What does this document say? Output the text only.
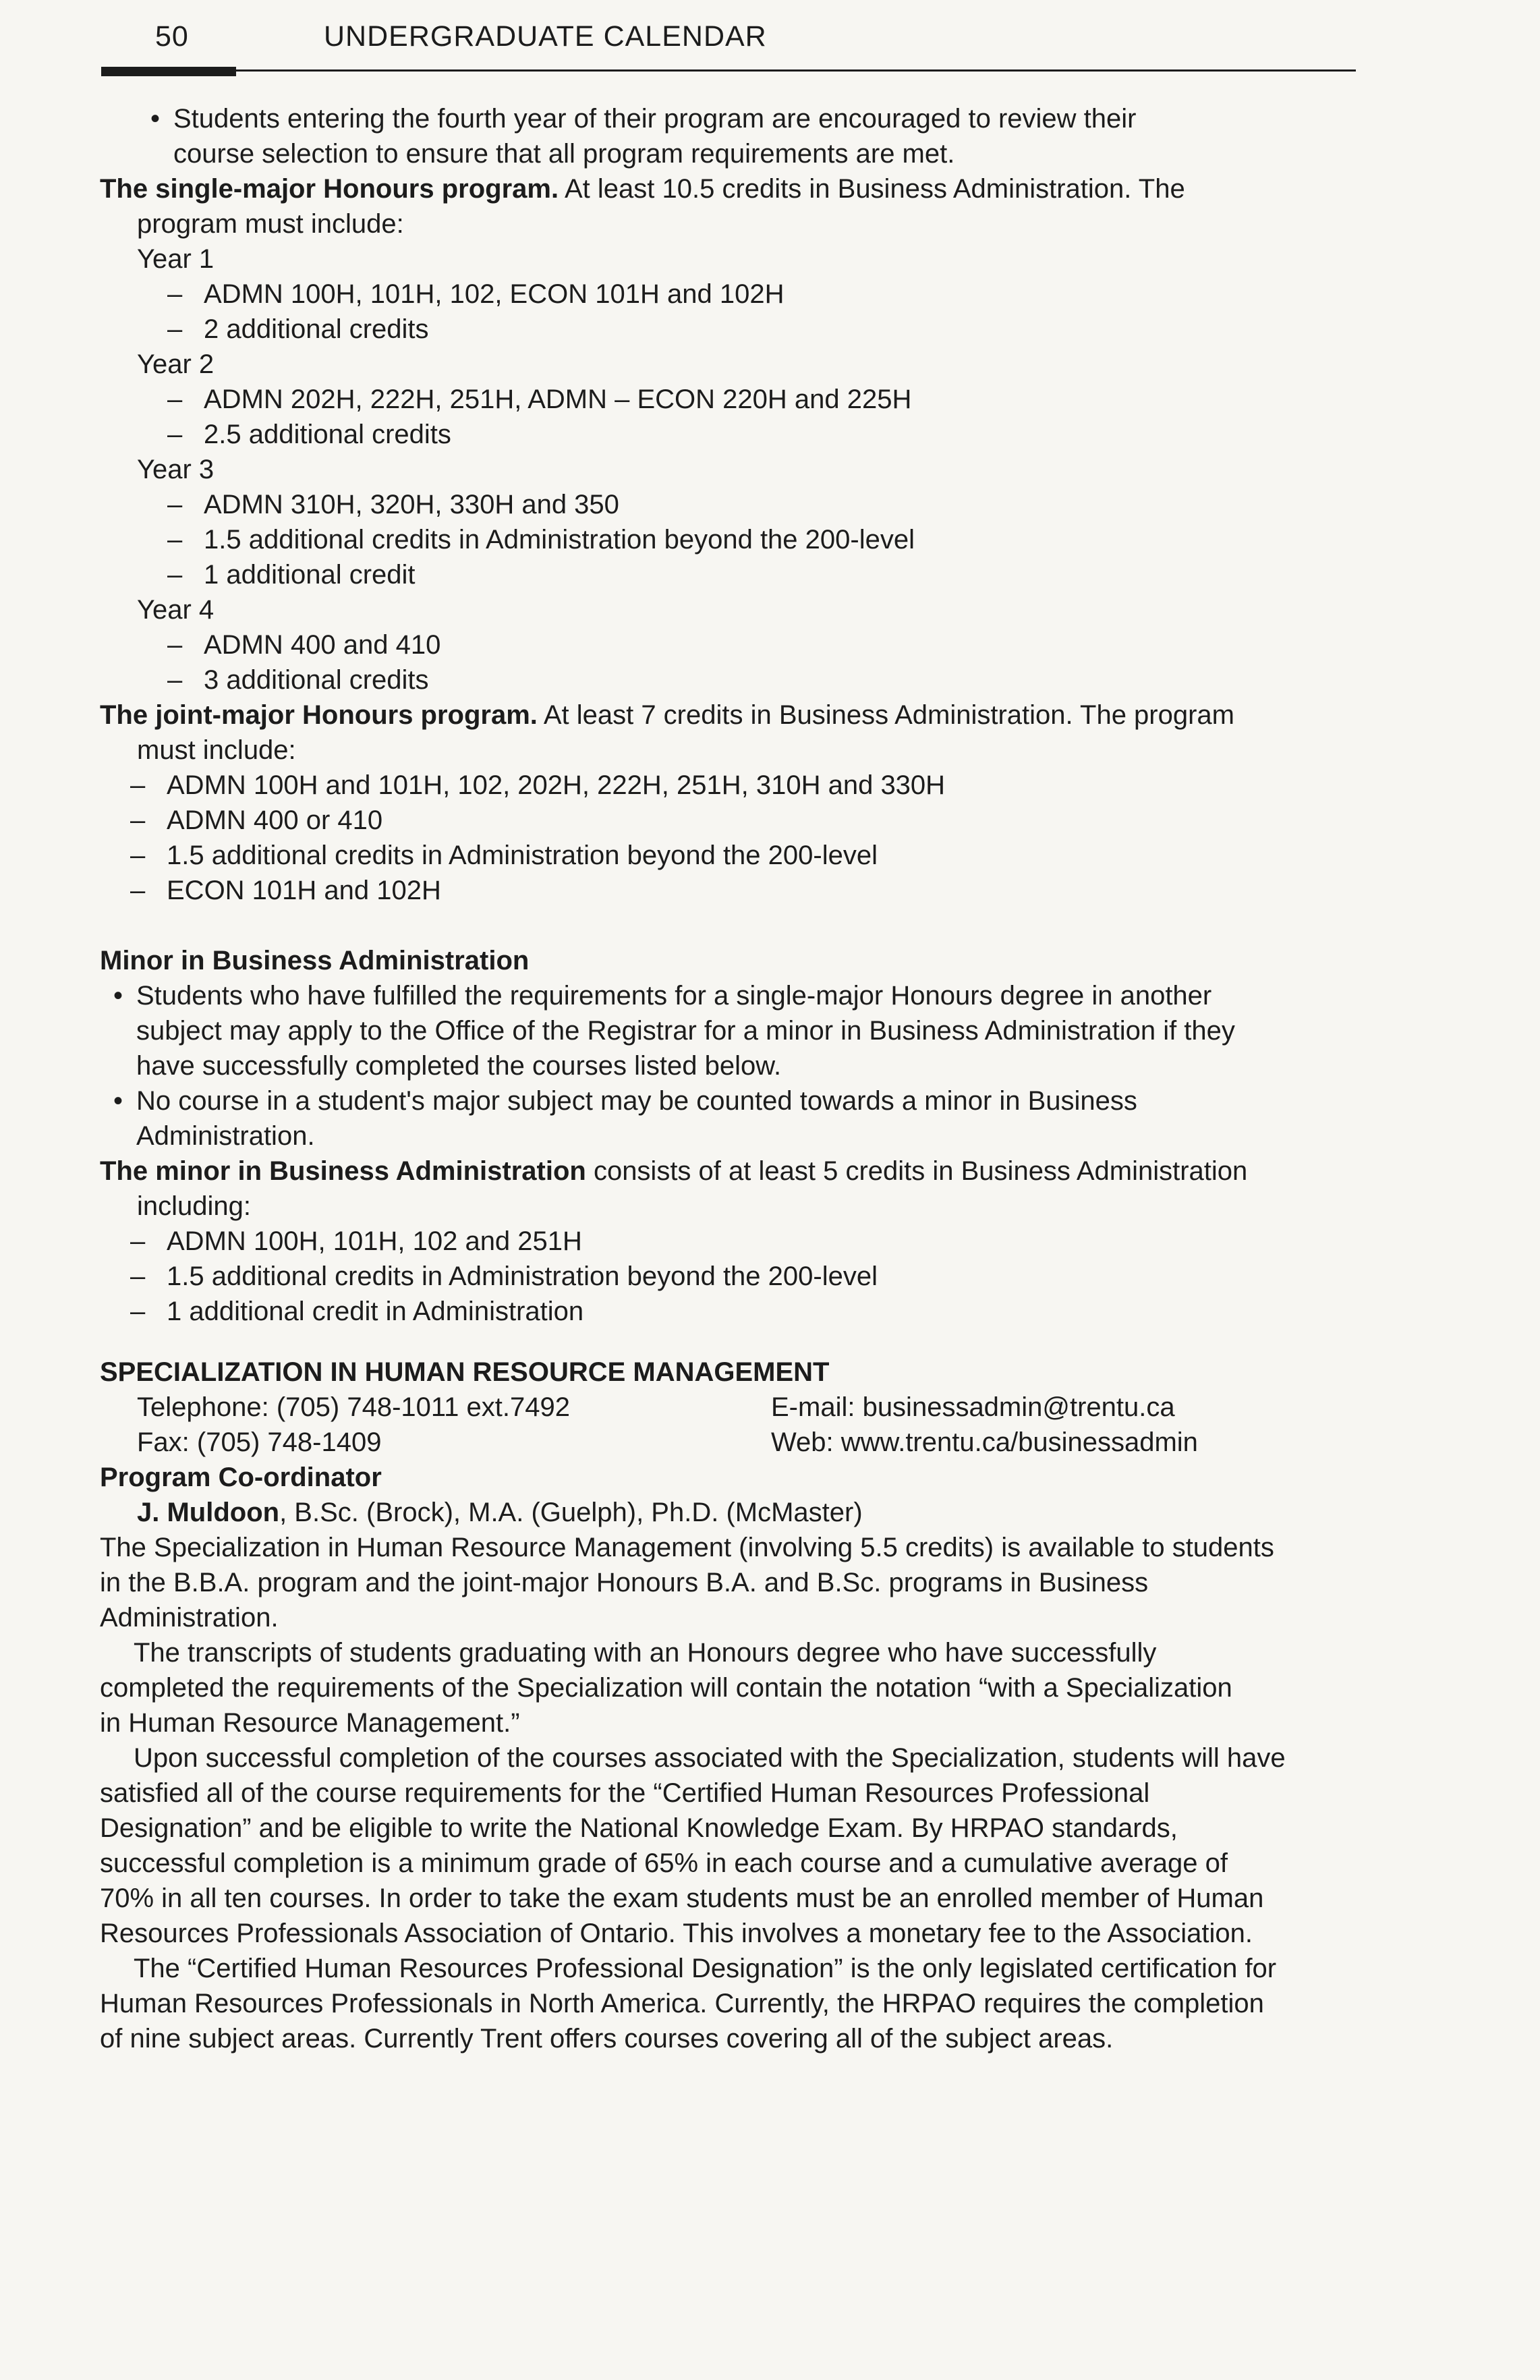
50	UNDERGRADUATE CALENDAR
• Students entering the fourth year of their program are encouraged to review their course selection to ensure that all program requirements are met.

The single-major Honours program. At least 10.5 credits in Business Administration. The

program must include:

Year 1
– ADMN 100H, 101H, 102, ECON 101H and 102H
– 2 additional credits
Year 2
– ADMN 202H, 222H, 251H, ADMN – ECON 220H and 225H
– 2.5 additional credits
Year 3
– ADMN 310H, 320H, 330H and 350
– 1.5 additional credits in Administration beyond the 200-level
– 1 additional credit
Year 4
– ADMN 400 and 410
– 3 additional credits

The joint-major Honours program. At least 7 credits in Business Administration. The program

must include:

– ADMN 100H and 101H, 102, 202H, 222H, 251H, 310H and 330H
– ADMN 400 or 410
– 1.5 additional credits in Administration beyond the 200-level
– ECON 101H and 102H

Minor in Business Administration

• Students who have fulfilled the requirements for a single-major Honours degree in another
subject may apply to the Office of the Registrar for a minor in Business Administration if they
have successfully completed the courses listed below.
• No course in a student's major subject may be counted towards a minor in Business
Administration.

The minor in Business Administration consists of at least 5 credits in Business Administration

including:

– ADMN 100H, 101H, 102 and 251H
– 1.5 additional credits in Administration beyond the 200-level
– 1 additional credit in Administration

SPECIALIZATION IN HUMAN RESOURCE MANAGEMENT

Telephone: (705) 748-1011 ext.7492	E-mail: businessadmin@trentu.ca
Fax: (705) 748-1409	Web: www.trentu.ca/businessadmin

Program Co-ordinator

J. Muldoon, B.Sc. (Brock), M.A. (Guelph), Ph.D. (McMaster)

The Specialization in Human Resource Management (involving 5.5 credits) is available to students
in the B.B.A. program and the joint-major Honours B.A. and B.Sc. programs in Business
Administration.
The transcripts of students graduating with an Honours degree who have successfully
completed the requirements of the Specialization will contain the notation “with a Specialization
in Human Resource Management.”
Upon successful completion of the courses associated with the Specialization, students will have
satisfied all of the course requirements for the “Certified Human Resources Professional
Designation” and be eligible to write the National Knowledge Exam. By HRPAO standards,
successful completion is a minimum grade of 65% in each course and a cumulative average of
70% in all ten courses. In order to take the exam students must be an enrolled member of Human
Resources Professionals Association of Ontario. This involves a monetary fee to the Association.
The “Certified Human Resources Professional Designation” is the only legislated certification for
Human Resources Professionals in North America. Currently, the HRPAO requires the completion
of nine subject areas. Currently Trent offers courses covering all of the subject areas.
